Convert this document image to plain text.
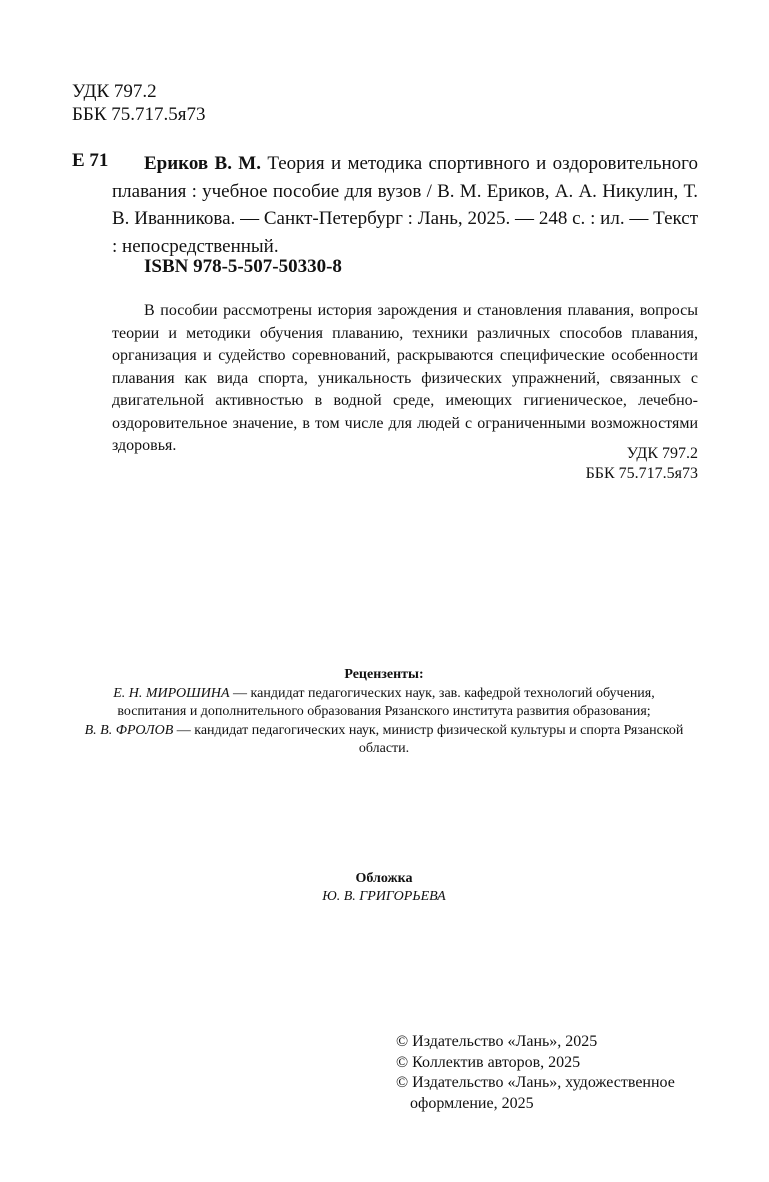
УДК 797.2
ББК 75.717.5я73
Е 71	Ериков В. М. Теория и методика спортивного и оздоровительного плавания : учебное пособие для вузов / В. М. Ериков, А. А. Никулин, Т. В. Иванникова. — Санкт-Петербург : Лань, 2025. — 248 с. : ил. — Текст : непосредственный.
ISBN 978-5-507-50330-8
В пособии рассмотрены история зарождения и становления плавания, вопросы теории и методики обучения плаванию, техники различных способов плавания, организация и судейство соревнований, раскрываются специфические особенности плавания как вида спорта, уникальность физических упражнений, связанных с двигательной активностью в водной среде, имеющих гигиеническое, лечебно-оздоровительное значение, в том числе для людей с ограниченными возможностями здоровья.	УДК 797.2
ББК 75.717.5я73
Рецензенты:
Е. Н. МИРОШИНА — кандидат педагогических наук, зав. кафедрой технологий обучения, воспитания и дополнительного образования Рязанского института развития образования;
В. В. ФРОЛОВ — кандидат педагогических наук, министр физической культуры и спорта Рязанской области.
Обложка
Ю. В. ГРИГОРЬЕВА
© Издательство «Лань», 2025
© Коллектив авторов, 2025
© Издательство «Лань», художественное
оформление, 2025
